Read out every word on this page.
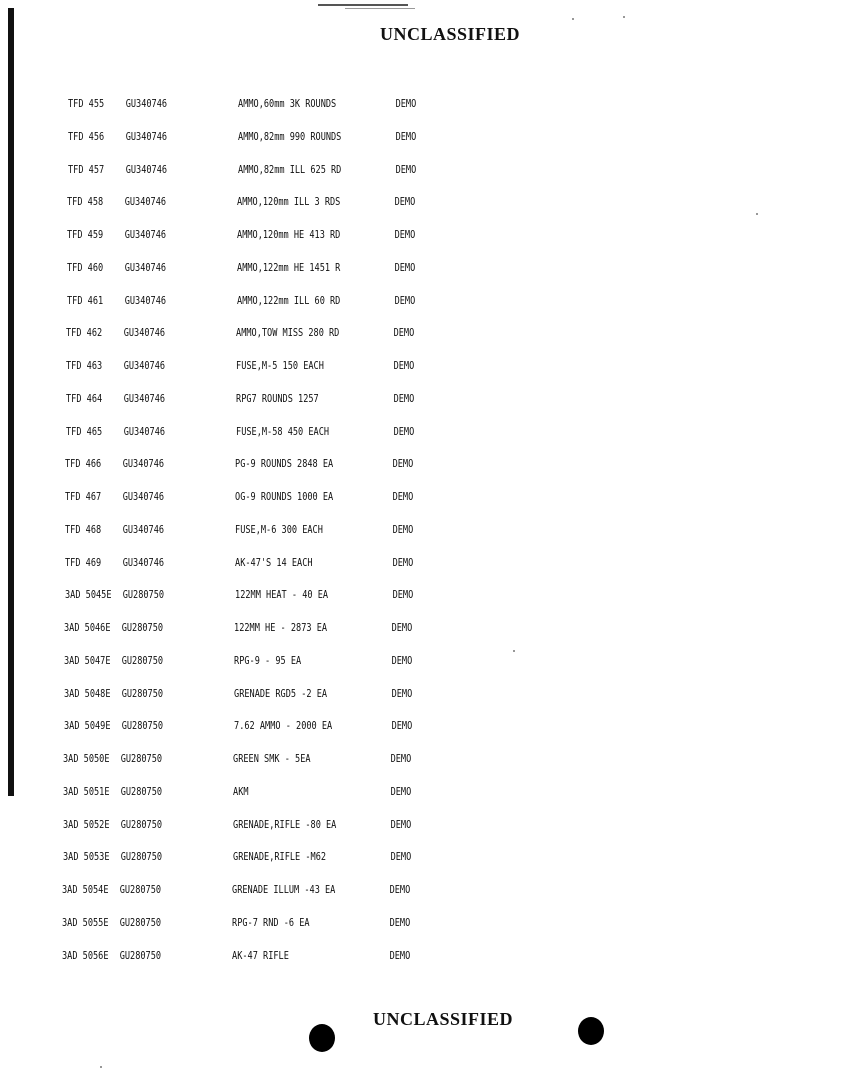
UNCLASSIFIED
TFD 455 GU340746	AMMO,60mm 3K ROUNDS	DEMO
TFD 456 GU340746	AMMO,82mm 990 ROUNDS	DEMO
TFD 457 GU340746	AMMO,82mm ILL 625 RD	DEMO
TFD 458 GU340746	AMMO,120mm ILL 3 RDS	DEMO
TFD 459 GU340746	AMMO,120mm HE 413 RD	DEMO
TFD 460 GU340746	AMMO,122mm HE 1451 R	DEMO
TFD 461 GU340746	AMMO,122mm ILL 60 RD	DEMO
TFD 462 GU340746	AMMO,TOW MISS 280 RD	DEMO
TFD 463 GU340746	FUSE,M-5 150 EACH	DEMO
TFD 464 GU340746	RPG7 ROUNDS 1257	DEMO
TFD 465 GU340746	FUSE,M-58 450 EACH	DEMO
TFD 466 GU340746	PG-9 ROUNDS 2848 EA	DEMO
TFD 467 GU340746	OG-9 ROUNDS 1000 EA	DEMO
TFD 468 GU340746	FUSE,M-6 300 EACH	DEMO
TFD 469 GU340746	AK-47'S 14 EACH	DEMO
3AD 5045E GU280750	122MM HEAT - 40 EA	DEMO
3AD 5046E GU280750	122MM HE - 2873 EA	DEMO
3AD 5047E GU280750	RPG-9 - 95 EA	DEMO
3AD 5048E GU280750	GRENADE RGD5 -2 EA	DEMO
3AD 5049E GU280750	7.62 AMMO - 2000 EA	DEMO
3AD 5050E GU280750	GREEN SMK - 5EA	DEMO
3AD 5051E GU280750	AKM	DEMO
3AD 5052E GU280750	GRENADE,RIFLE -80 EA	DEMO
3AD 5053E GU280750	GRENADE,RIFLE -M62	DEMO
3AD 5054E GU280750	GRENADE ILLUM -43 EA	DEMO
3AD 5055E GU280750	RPG-7 RND -6 EA	DEMO
3AD 5056E GU280750	AK-47 RIFLE	DEMO
UNCLASSIFIED
